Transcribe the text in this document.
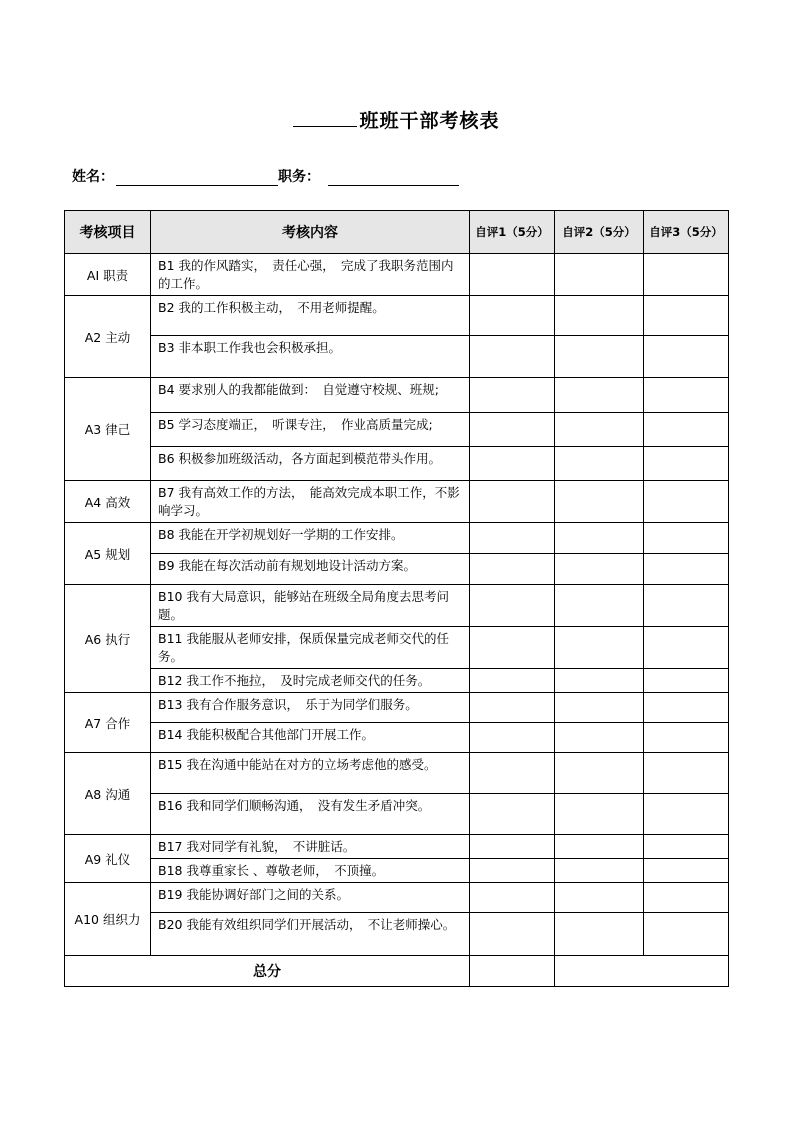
班班干部考核表
姓名：	职务：
考核项目	考核内容	自评1（5分）	自评2（5分）	自评3（5分）
AI 职责	B1 我的作风踏实，　责任心强，　完成了我职务范围内的工作。			
A2 主动	B2 我的工作积极主动，　不用老师提醒。			
	B3 非本职工作我也会积极承担。			
A3 律己	B4 要求别人的我都能做到：　自觉遵守校规、班规;			
	B5 学习态度端正，　听课专注，　作业高质量完成;			
	B6 积极参加班级活动，各方面起到模范带头作用。			
A4 高效	B7 我有高效工作的方法，　能高效完成本职工作，不影响学习。			
A5 规划	B8 我能在开学初规划好一学期的工作安排。			
	B9 我能在每次活动前有规划地设计活动方案。			
A6 执行	B10 我有大局意识，能够站在班级全局角度去思考问题。			
	B11 我能服从老师安排，保质保量完成老师交代的任务。			
	B12 我工作不拖拉，　及时完成老师交代的任务。			
A7 合作	B13 我有合作服务意识，　乐于为同学们服务。			
	B14 我能积极配合其他部门开展工作。			
A8 沟通	B15 我在沟通中能站在对方的立场考虑他的感受。			
	B16 我和同学们顺畅沟通，　没有发生矛盾冲突。			
A9 礼仪	B17 我对同学有礼貌，　不讲脏话。			
	B18 我尊重家长 、尊敬老师，　不顶撞。			
A10 组织力	B19 我能协调好部门之间的关系。			
	B20 我能有效组织同学们开展活动，　不让老师操心。			
总分				
